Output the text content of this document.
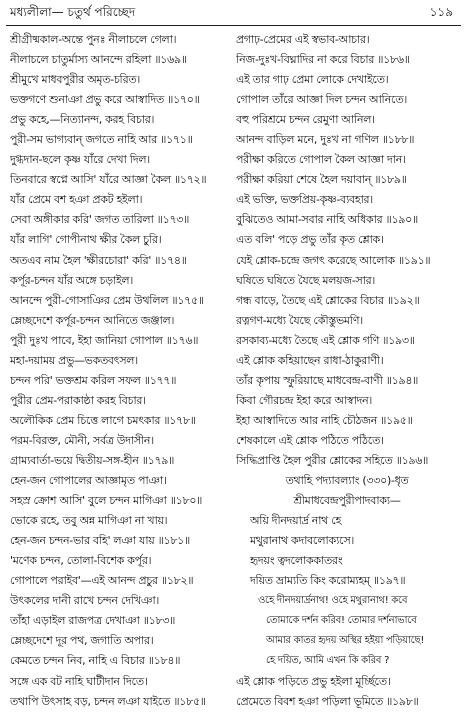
মধ্যলীলা— চতুর্থ পরিচ্ছেদ	১১৯
শ্রীগ্রীষ্মকাল-অন্তে পুনঃ নীলাচলে গেলা।
নীলাচলে চাতুর্মাস্য আনন্দে রহিলা ॥১৬৯॥
শ্রীমুখে মাধবপুরীর অমৃত-চরিত।
ভক্তগণে শুনাঞা প্রভু করে আস্বাদিত ॥১৭০॥
প্রভু কহে,—নিত্যানন্দ, করহ বিচার।
পুরী-সম ভাগ্যবান্ জগতে নাহি আর ॥১৭১॥
দুগ্ধদান-ছলে কৃষ্ণ যাঁরে দেখা দিল।
তিনবারে স্বপ্নে আসি' যাঁরে আজ্ঞা কৈল ॥১৭২॥
যাঁর প্রেমে বশ হঞা প্রকট হইলা।
সেবা অঙ্গীকার করি' জগত তারিলা ॥১৭৩॥
যাঁর লাগি' গোপীনাথ ক্ষীর কৈল চুরি।
অতএব নাম হৈল 'ক্ষীরচোরা' করি' ॥১৭৪॥
কর্পূর-চন্দন যাঁর অঙ্গে চড়াইল।
আনন্দে পুরী-গোসাঞির প্রেম উথলিল ॥১৭৫॥
ম্লেচ্ছদেশে কর্পূর-চন্দন আনিতে জঞ্জাল।
পুরী দুঃখ পাবে, ইহা জানিয়া গোপাল ॥১৭৬॥
মহা-দয়াময় প্রভু—ভকতবৎসল।
চন্দন পরি' ভক্তশ্রম করিল সফল ॥১৭৭॥
পুরীর প্রেম-পরাকাষ্ঠা করহ বিচার।
অলৌকিক প্রেম চিত্তে লাগে চমৎকার ॥১৭৮॥
পরম-বিরক্ত, মৌনী, সর্বত্র উদাসীন।
গ্রাম্যবার্তা-ভয়ে দ্বিতীয়-সঙ্গ-হীন ॥১৭৯॥
হেন-জন গোপালের আজ্ঞামৃত পাঞা।
সহস্র ক্রোশ আসি' বুলে চন্দন মাগিঞা ॥১৮০॥
ভোকে রহে, তবু অন্ন মাগিঞা না খায়।
হেন-জন চন্দন-ভার বহি' লঞা যায় ॥১৮১॥
'মণেক চন্দন, তোলা-বিশেক কর্পূর।
গোপালে পরাইব'—এই আনন্দ প্রচুর ॥১৮২॥
উৎকলের দানী রাখে চন্দন দেখিঞা।
তাঁহা এড়াইল রাজপত্র দেখাঞা ॥১৮৩॥
ম্লেচ্ছদেশে দূর পথ, জগাতি অপার।
কেমতে চন্দন নিব, নাহি এ বিচার ॥১৮৪॥
সঙ্গে এক বট নাহি ঘাটীদান দিতে।
তথাপি উৎসাহ বড়, চন্দন লঞা যাইতে ॥১৮৫॥
প্রগাঢ়-প্রেমের এই স্বভাব-আচার।
নিজ-দুঃখ-বিঘ্নাদির না করে বিচার ॥১৮৬॥
এই তার গাঢ় প্রেমা লোকে দেখাইতে।
গোপাল তাঁরে আজ্ঞা দিল চন্দন আনিতে।
বহু পরিশ্রমে চন্দন রেমুণা আনিল।
আনন্দ বাড়িল মনে, দুঃখ না গণিল ॥১৮৮॥
পরীক্ষা করিতে গোপাল কৈল আজ্ঞা দান।
পরীক্ষা করিয়া শেষে হৈল দয়াবান্ ॥১৮৯॥
এই ভক্তি, ভক্তপ্রিয়-কৃষ্ণ-ব্যবহার।
বুঝিতেও আমা-সবার নাহি অধিকার ॥১৯০॥
এত বলি' পড়ে প্রভু তাঁর কৃত শ্লোক।
যেই শ্লোক-চন্দ্রে জগৎ করেছে আলোক ॥১৯১॥
ঘষিতে ঘষিতে যৈছে মলয়জ-সার।
গন্ধ বাড়ে, তৈছে এই শ্লোকের বিচার ॥১৯২॥
রত্নগণ-মধ্যে যৈছে কৌস্তুভমণি।
রসকাব্য-মধ্যে তৈছে এই শ্লোক গণি ॥১৯৩॥
এই শ্লোক কহিয়াছেন রাধা-ঠাকুরাণী।
তাঁর কৃপায় স্ফুরিয়াছে মাধবেন্দ্র-বাণী ॥১৯৪॥
কিবা গৌরচন্দ্র ইহা করে আস্বাদন।
ইহা আস্বাদিতে আর নাহি চৌঠজন ॥১৯৫॥
শেষকালে এই শ্লোক পঠিতে পঠিতে।
সিদ্ধিপ্রাপ্তি হৈল পুরীর শ্লোকের সহিতে ॥১৯৬॥
তথাহি পদ্যাবল্যাং (৩৩০)-ধৃত
শ্রীমাধবেন্দ্রপুরীপাদবাক্য—
অয়ি দীনদয়ার্দ্র নাথ হে
মথুরানাথ কদাবলোক্যসে।
হৃদয়ং ত্বদলোককাতরং
দয়িত ভ্রাম্যতি কিং করোম্যহম্ ॥১৯৭॥
ওহে দীনদয়ার্দ্রনাথ! ওহে মথুরানাথ! কবে
তোমাকে দর্শন করিব! তোমার দর্শনাভাবে
আমার কাতর হৃদয় অস্থির হইয়া পড়িয়াছে!
হে দয়িত, আমি এখন কি করিব ?
এই শ্লোক পড়িতে প্রভু হইলা মূর্চ্ছিতে।
প্রেমেতে বিবশ হঞা পড়িলা ভূমিতে ॥১৯৮॥
